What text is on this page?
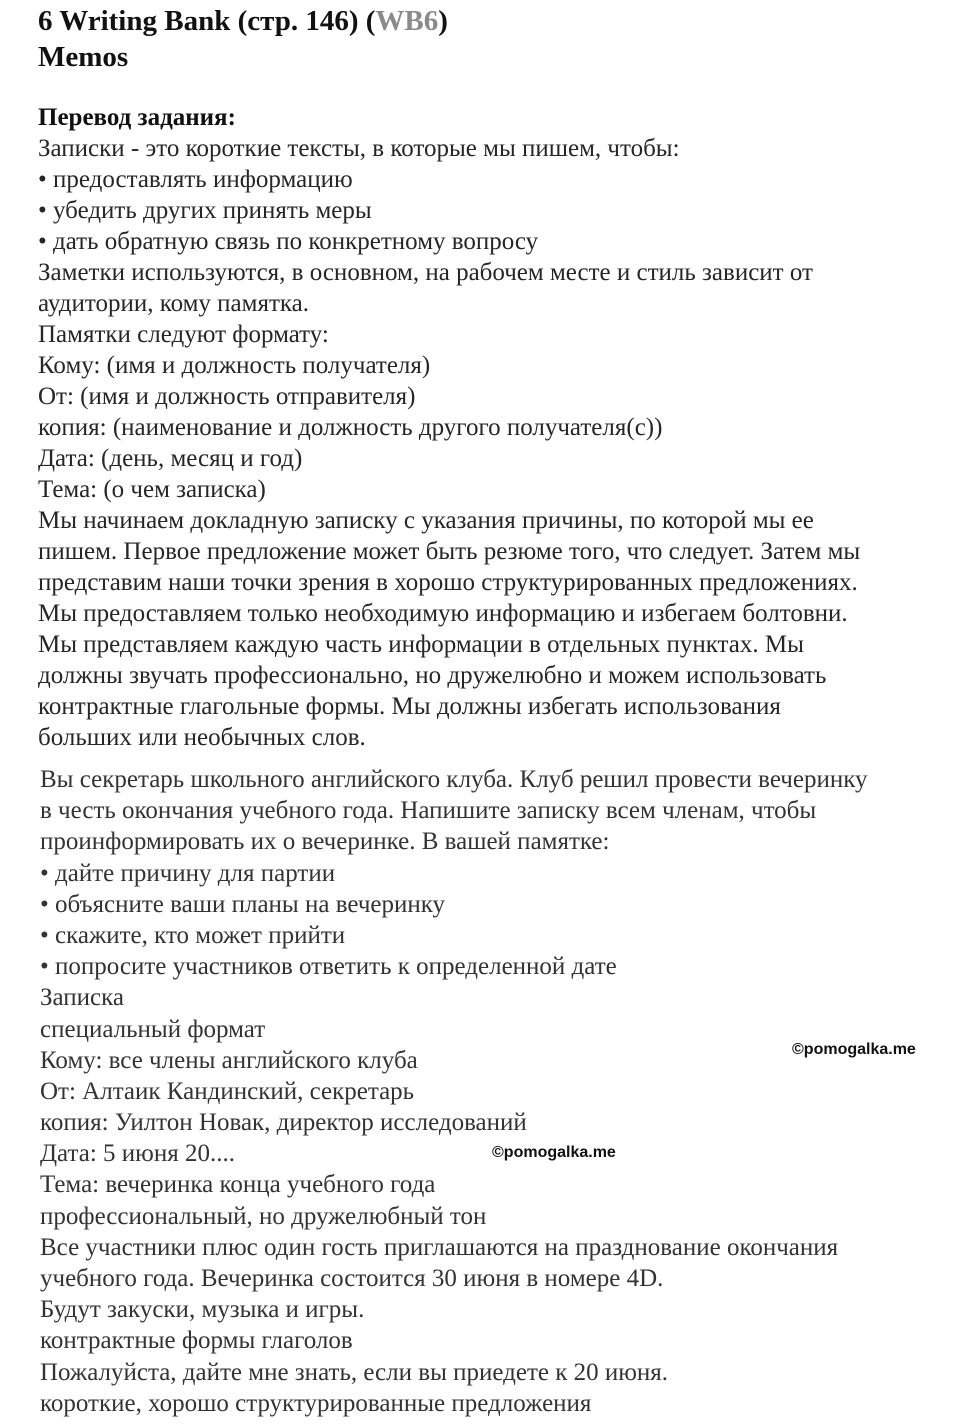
6 Writing Bank (стр. 146) (WB6)
Memos
Перевод задания:
Записки - это короткие тексты, в которые мы пишем, чтобы:
• предоставлять информацию
• убедить других принять меры
• дать обратную связь по конкретному вопросу
Заметки используются, в основном, на рабочем месте и стиль зависит от
аудитории, кому памятка.
Памятки следуют формату:
Кому: (имя и должность получателя)
От: (имя и должность отправителя)
копия: (наименование и должность другого получателя(с))
Дата: (день, месяц и год)
Тема: (о чем записка)
Мы начинаем докладную записку с указания причины, по которой мы ее
пишем. Первое предложение может быть резюме того, что следует. Затем мы
представим наши точки зрения в хорошо структурированных предложениях.
Мы предоставляем только необходимую информацию и избегаем болтовни.
Мы представляем каждую часть информации в отдельных пунктах. Мы
должны звучать профессионально, но дружелюбно и можем использовать
контрактные глагольные формы. Мы должны избегать использования
больших или необычных слов.
Вы секретарь школьного английского клуба. Клуб решил провести вечеринку
в честь окончания учебного года. Напишите записку всем членам, чтобы
проинформировать их о вечеринке. В вашей памятке:
• дайте причину для партии
• объясните ваши планы на вечеринку
• скажите, кто может прийти
• попросите участников ответить к определенной дате
Записка
специальный формат
Кому: все члены английского клуба
От: Алтаик Кандинский, секретарь
копия: Уилтон Новак, директор исследований
Дата: 5 июня 20....
Тема: вечеринка конца учебного года
профессиональный, но дружелюбный тон
Все участники плюс один гость приглашаются на празднование окончания
учебного года. Вечеринка состоится 30 июня в номере 4D.
Будут закуски, музыка и игры.
контрактные формы глаголов
Пожалуйста, дайте мне знать, если вы приедете к 20 июня.
короткие, хорошо структурированные предложения
©pomogalka.me
©pomogalka.me
